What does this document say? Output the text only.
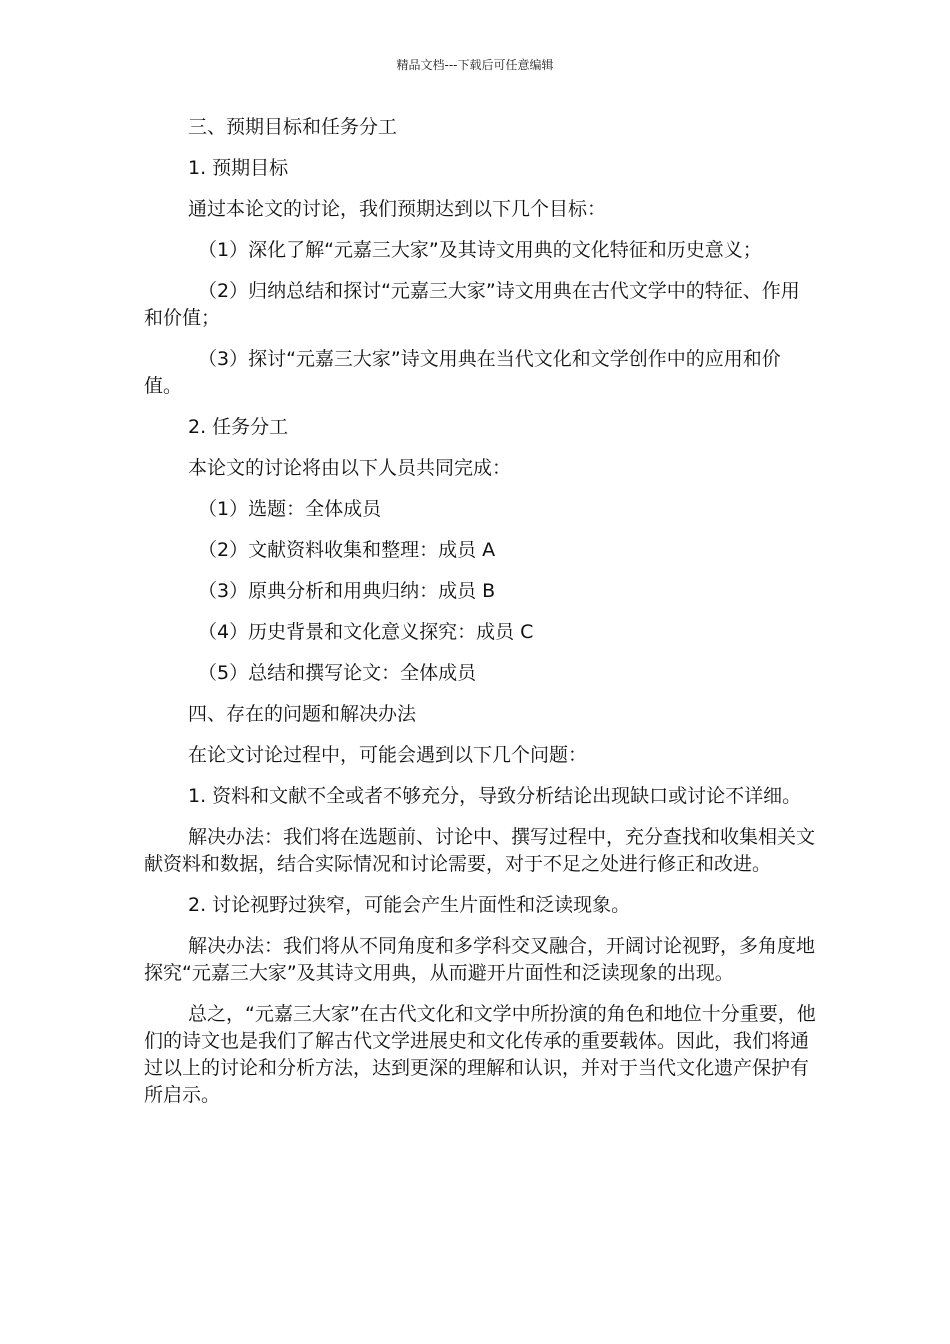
精品文档---下载后可任意编辑

三、预期目标和任务分工

1. 预期目标

通过本论文的讨论，我们预期达到以下几个目标：

（1）深化了解“元嘉三大家”及其诗文用典的文化特征和历史意义；

（2）归纳总结和探讨“元嘉三大家”诗文用典在古代文学中的特征、作用和价值；

（3）探讨“元嘉三大家”诗文用典在当代文化和文学创作中的应用和价值。

2. 任务分工

本论文的讨论将由以下人员共同完成：

（1）选题：全体成员

（2）文献资料收集和整理：成员 A

（3）原典分析和用典归纳：成员 B

（4）历史背景和文化意义探究：成员 C

（5）总结和撰写论文：全体成员

四、存在的问题和解决办法

在论文讨论过程中，可能会遇到以下几个问题：

1. 资料和文献不全或者不够充分，导致分析结论出现缺口或讨论不详细。

解决办法：我们将在选题前、讨论中、撰写过程中，充分查找和收集相关文献资料和数据，结合实际情况和讨论需要，对于不足之处进行修正和改进。

2. 讨论视野过狭窄，可能会产生片面性和泛读现象。

解决办法：我们将从不同角度和多学科交叉融合，开阔讨论视野，多角度地探究“元嘉三大家”及其诗文用典，从而避开片面性和泛读现象的出现。

总之，“元嘉三大家”在古代文化和文学中所扮演的角色和地位十分重要，他们的诗文也是我们了解古代文学进展史和文化传承的重要载体。因此，我们将通过以上的讨论和分析方法，达到更深的理解和认识，并对于当代文化遗产保护有所启示。
